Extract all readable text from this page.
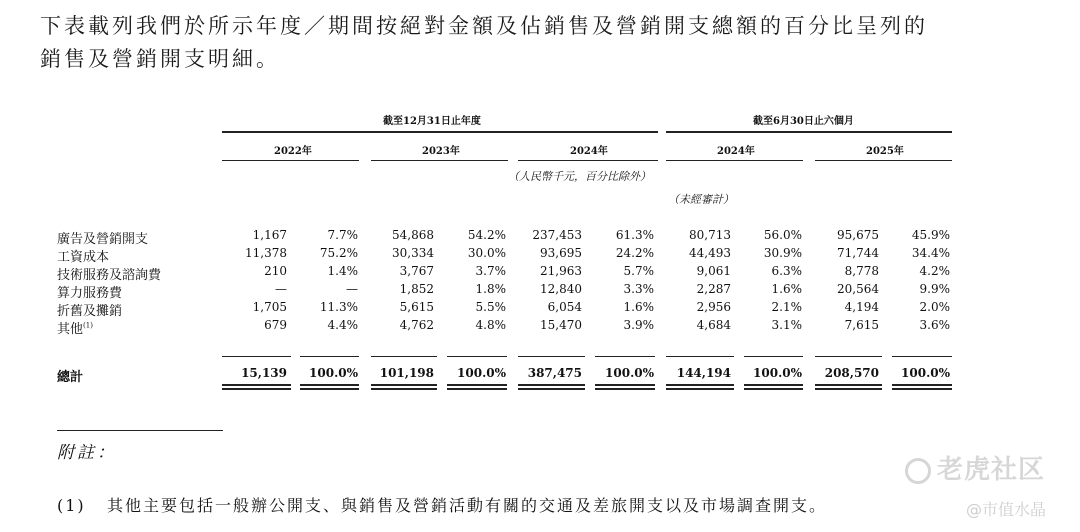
下表載列我們於所示年度／期間按絕對金額及佔銷售及營銷開支總額的百分比呈列的
銷售及營銷開支明細。
截至12月31日止年度	截至6月30日止六個月
2022年	2023年	2024年	2024年	2025年
（人民幣千元，百分比除外）
（未經審計）
廣告及營銷開支	1,167	7.7%	54,868	54.2% 237,453	61.3%	80,713	56.0%	95,675	45.9%
工資成本	11,378	75.2%	30,334	30.0%	93,695	24.2%	44,493	30.9%	71,744	34.4%
技術服務及諮詢費	210	1.4%	3,767	3.7%	21,963	5.7%	9,061	6.3%	8,778	4.2%
算力服務費	—	—	1,852	1.8%	12,840	3.3%	2,287	1.6%	20,564	9.9%
折舊及攤銷	1,705	11.3%	5,615	5.5%	6,054	1.6%	2,956	2.1%	4,194	2.0%
其他$^{(1)}$	679	4.4%	4,762	4.8%	15,470	3.9%	4,684	3.1%	7,615	3.6%
總計	15,139 100.0% 101,198 100.0% 387,475 100.0% 144,194 100.0% 208,570 100.0%
附註：
(1) 其他主要包括一般辦公開支、與銷售及營銷活動有關的交通及差旅開支以及市場調查開支。
老虎社区
@市值水晶
